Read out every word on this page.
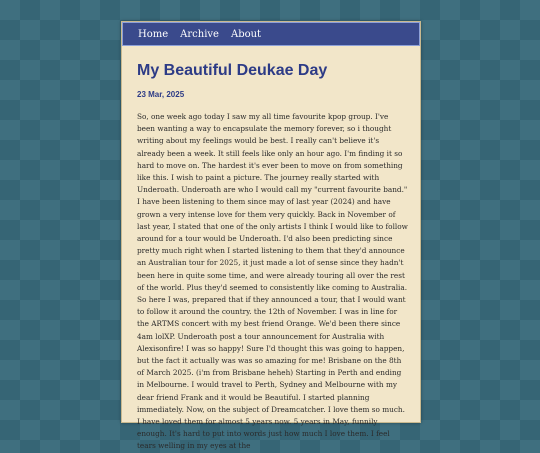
Home Archive About
My Beautiful Deukae Day
23 Mar, 2025
So, one week ago today I saw my all time favourite kpop group. I've been wanting a way to encapsulate the memory forever, so i thought writing about my feelings would be best. I really can't believe it's already been a week. It still feels like only an hour ago. I'm finding it so hard to move on. The hardest it's ever been to move on from something like this. I wish to paint a picture. The journey really started with Underoath. Underoath are who I would call my "current favourite band." I have been listening to them since may of last year (2024) and have grown a very intense love for them very quickly. Back in November of last year, I stated that one of the only artists I think I would like to follow around for a tour would be Underoath. I'd also been predicting since pretty much right when I started listening to them that they'd announce an Australian tour for 2025, it just made a lot of sense since they hadn't been here in quite some time, and were already touring all over the rest of the world. Plus they'd seemed to consistently like coming to Australia. So here I was, prepared that if they announced a tour, that I would want to follow it around the country. the 12th of November. I was in line for the ARTMS concert with my best friend Orange. We'd been there since 4am lolXP. Underoath post a tour announcement for Australia with Alexisonfire! I was so happy! Sure I'd thought this was going to happen, but the fact it actually was was so amazing for me! Brisbane on the 8th of March 2025. (i'm from Brisbane heheh) Starting in Perth and ending in Melbourne. I would travel to Perth, Sydney and Melbourne with my dear friend Frank and it would be Beautiful. I started planning immediately. Now, on the subject of Dreamcatcher. I love them so much. I have loved them for almost 5 years now. 5 years in May, funnily enough. It's hard to put into words just how much I love them. I feel tears welling in my eyes at the
